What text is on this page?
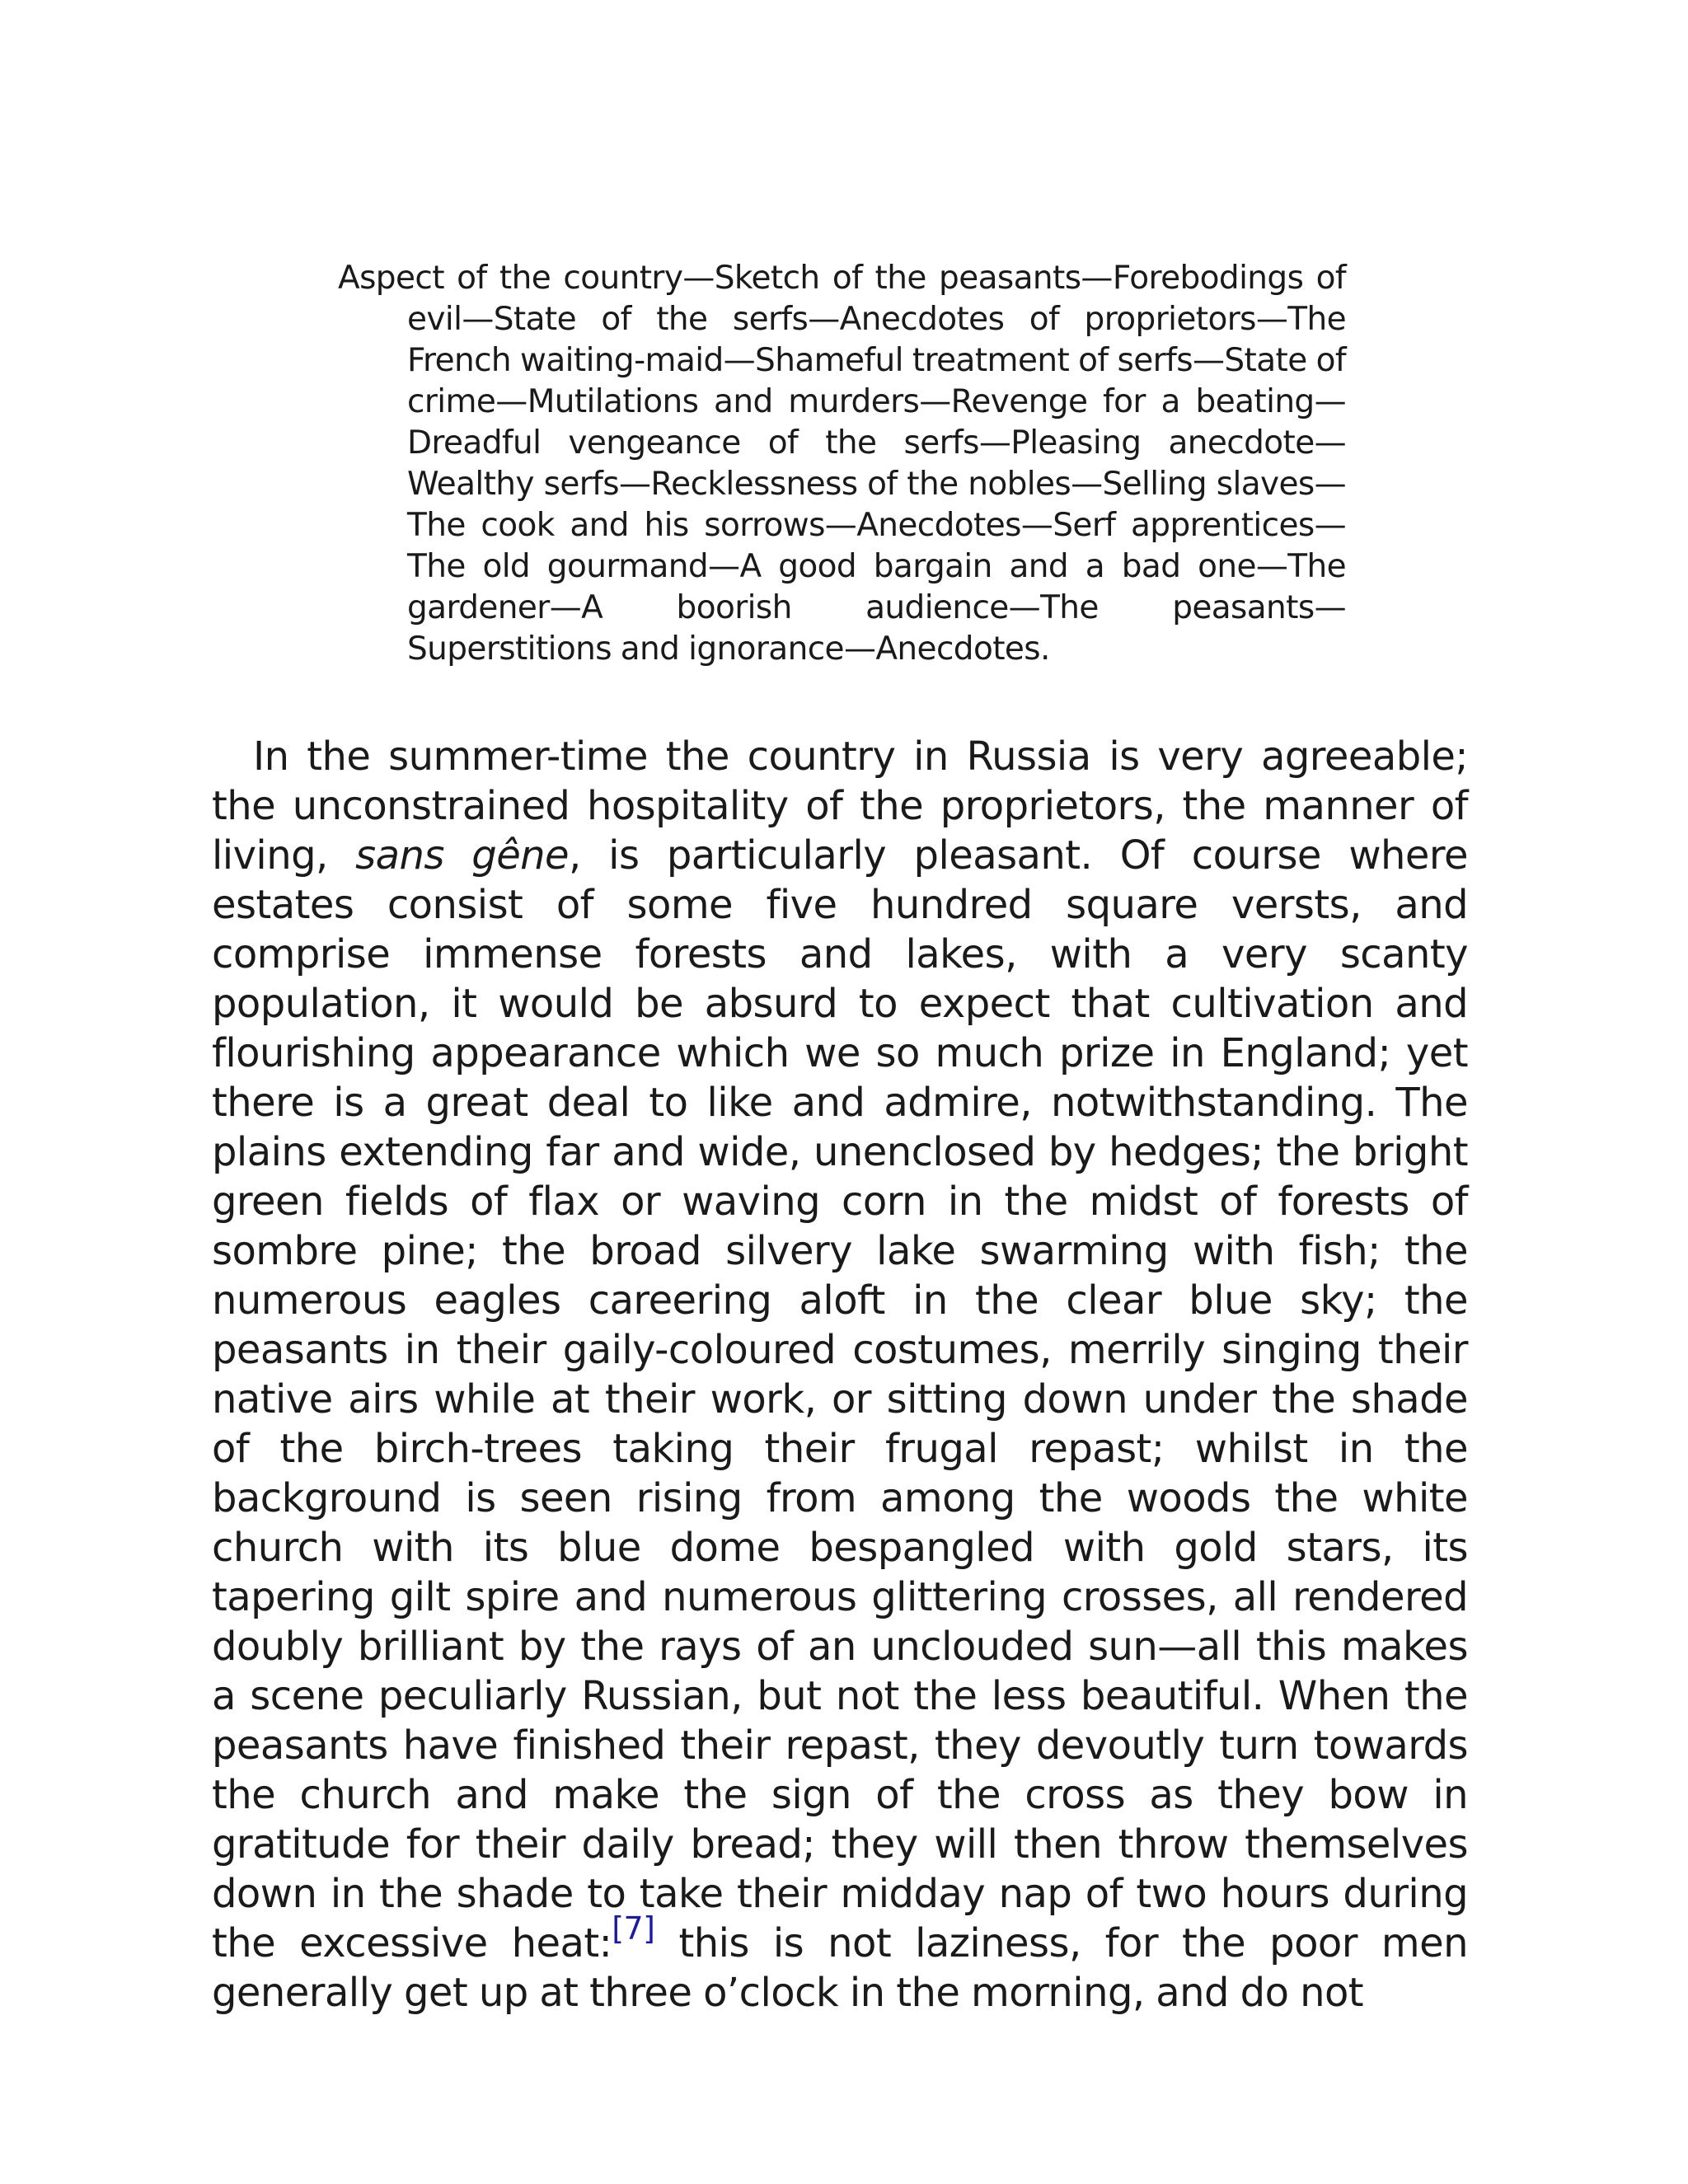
Aspect of the country—Sketch of the peasants—Forebodings of evil—State of the serfs—Anecdotes of proprietors—The French waiting-maid—Shameful treatment of serfs—State of crime—Mutilations and murders—Revenge for a beating—Dreadful vengeance of the serfs—Pleasing anecdote—Wealthy serfs—Recklessness of the nobles—Selling slaves—The cook and his sorrows—Anecdotes—Serf apprentices—The old gourmand—A good bargain and a bad one—The gardener—A boorish audience—The peasants—Superstitions and ignorance—Anecdotes.
In the summer-time the country in Russia is very agreeable; the unconstrained hospitality of the proprietors, the manner of living, sans gêne, is particularly pleasant. Of course where estates consist of some five hundred square versts, and comprise immense forests and lakes, with a very scanty population, it would be absurd to expect that cultivation and flourishing appearance which we so much prize in England; yet there is a great deal to like and admire, notwithstanding. The plains extending far and wide, unenclosed by hedges; the bright green fields of flax or waving corn in the midst of forests of sombre pine; the broad silvery lake swarming with fish; the numerous eagles careering aloft in the clear blue sky; the peasants in their gaily-coloured costumes, merrily singing their native airs while at their work, or sitting down under the shade of the birch-trees taking their frugal repast; whilst in the background is seen rising from among the woods the white church with its blue dome bespangled with gold stars, its tapering gilt spire and numerous glittering crosses, all rendered doubly brilliant by the rays of an unclouded sun—all this makes a scene peculiarly Russian, but not the less beautiful. When the peasants have finished their repast, they devoutly turn towards the church and make the sign of the cross as they bow in gratitude for their daily bread; they will then throw themselves down in the shade to take their midday nap of two hours during the excessive heat:[7] this is not laziness, for the poor men generally get up at three o’clock in the morning, and do not
